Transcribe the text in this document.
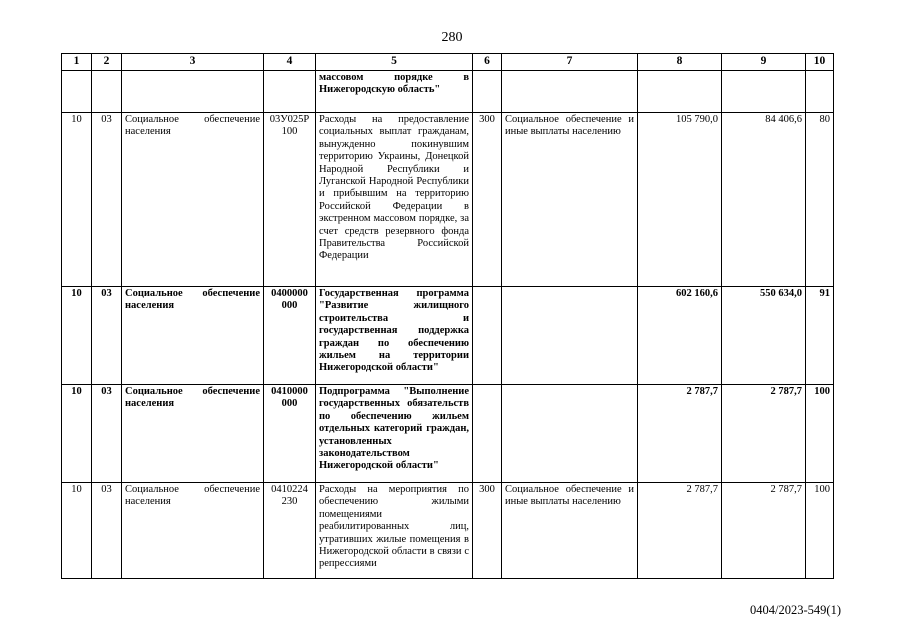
280
1	2	3	4	5	6	7	8	9	10
				массовом порядке в Нижегородскую область"					
10	03	Социальное обеспечение населения	03У025Р 100	Расходы на предоставление социальных выплат гражданам, вынужденно покинувшим территорию Украины, Донецкой Народной Республики и Луганской Народной Республики и прибывшим на территорию Российской Федерации в экстренном массовом порядке, за счет средств резервного фонда Правительства Российской Федерации	300	Социальное обеспечение и иные выплаты населению	105 790,0	84 406,6	80
10	03	Социальное обеспечение населения	0400000 000	Государственная программа "Развитие жилищного строительства и государственная поддержка граждан по обеспечению жильем на территории Нижегородской области"			602 160,6	550 634,0	91
10	03	Социальное обеспечение населения	0410000 000	Подпрограмма "Выполнение государственных обязательств по обеспечению жильем отдельных категорий граждан, установленных законодательством Нижегородской области"			2 787,7	2 787,7	100
10	03	Социальное обеспечение населения	0410224 230	Расходы на мероприятия по обеспечению жилыми помещениями реабилитированных лиц, утративших жилые помещения в Нижегородской области в связи с репрессиями	300	Социальное обеспечение и иные выплаты населению	2 787,7	2 787,7	100
0404/2023-549(1)
